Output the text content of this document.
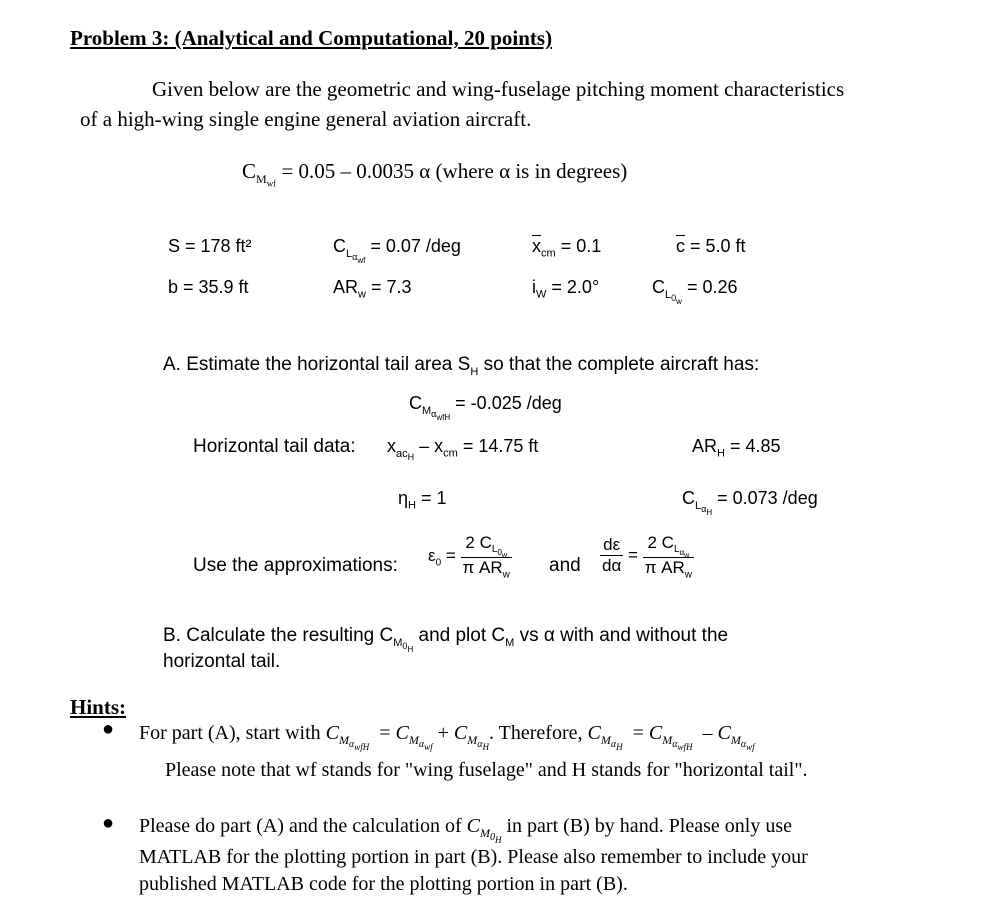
Problem 3: (Analytical and Computational, 20 points)
Given below are the geometric and wing-fuselage pitching moment characteristics
of a high-wing single engine general aviation aircraft.
$C_{M_{wf}} = 0.05 - 0.0035$ α (where α is in degrees)
S = 178 ft²
b = 35.9 ft
$C_{L_{\alpha_{wf}}} = 0.07$ /deg
$AR_w = 7.3$
$\overline{x}_{cm} = 0.1$
$i_W = 2.0^\circ$
$\overline{c} = 5.0$ ft
$C_{L_{0_w}} = 0.26$
A. Estimate the horizontal tail area $S_H$ so that the complete aircraft has:
$C_{M_{\alpha_{wfH}}} = -0.025$ /deg
Horizontal tail data: $x_{ac_H} - x_{cm} = 14.75$ ft	$AR_H = 4.85$
$\eta_H = 1$	$C_{L_{\alpha_H}} = 0.073$ /deg
Use the approximations: $\varepsilon_0 = \frac{2 C_{L_{0_w}}}{\pi AR_w}$ and $\frac{d\varepsilon}{d\alpha} = \frac{2 C_{L_{\alpha_w}}}{\pi AR_w}$
B. Calculate the resulting $C_{M_{0_H}}$ and plot $C_M$ vs α with and without the
horizontal tail.
Hints:
● For part (A), start with $C_{M_{\alpha_{wfH}}} = C_{M_{\alpha_{wf}}} + C_{M_{\alpha_H}}$. Therefore, $C_{M_{\alpha_H}} = C_{M_{\alpha_{wfH}}} - C_{M_{\alpha_{wf}}}$
Please note that wf stands for "wing fuselage" and H stands for "horizontal tail".
● Please do part (A) and the calculation of $C_{M_{0_H}}$ in part (B) by hand. Please only use
MATLAB for the plotting portion in part (B). Please also remember to include your
published MATLAB code for the plotting portion in part (B).
